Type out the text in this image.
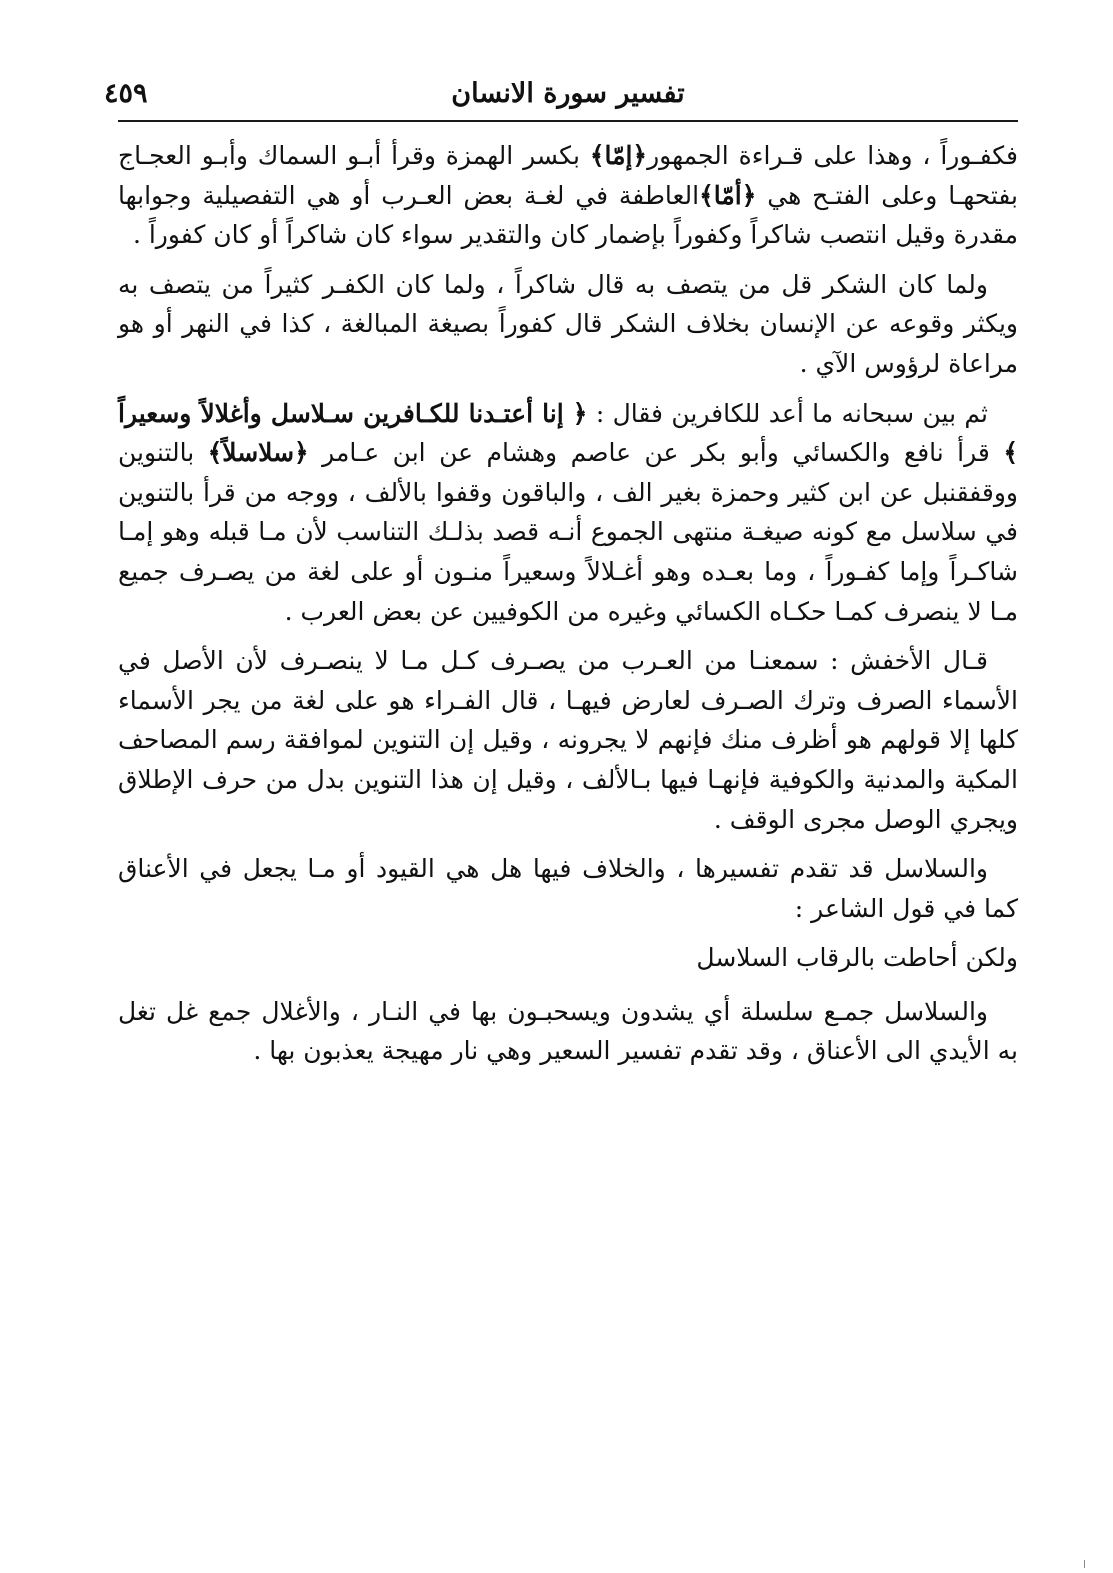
تفسير سورة الانسان
٤٥٩

فكفـوراً ، وهذا على قـراءة الجمهور﴿إمّا﴾ بكسر الهمزة وقرأ أبـو السماك وأبـو العجـاج بفتحهـا وعلى الفتـح هي ﴿أمّا﴾العاطفة في لغـة بعض العـرب أو هي التفصيلية وجوابها مقدرة وقيل انتصب شاكراً وكفوراً بإضمار كان والتقدير سواء كان شاكراً أو كان كفوراً .

ولما كان الشكر قل من يتصف به قال شاكراً ، ولما كان الكفـر كثيراً من يتصف به ويكثر وقوعه عن الإنسان بخلاف الشكر قال كفوراً بصيغة المبالغة ، كذا في النهر أو هو مراعاة لرؤوس الآي .

ثم بين سبحانه ما أعد للكافرين فقال : ﴿ إنا أعتـدنا للكـافرين سـلاسل وأغلالاً وسعيراً ﴾ قرأ نافع والكسائي وأبو بكر عن عاصم وهشام عن ابن عـامر ﴿سلاسلاً﴾ بالتنوين ووقفقنبل عن ابن كثير وحمزة بغير الف ، والباقون وقفوا بالألف ، ووجه من قرأ بالتنوين في سلاسل مع كونه صيغـة منتهى الجموع أنـه قصد بذلـك التناسب لأن مـا قبله وهو إمـا شاكـراً وإما كفـوراً ، وما بعـده وهو أغـلالاً وسعيراً منـون أو على لغة من يصـرف جميع مـا لا ينصرف كمـا حكـاه الكسائي وغيره من الكوفيين عن بعض العرب .

قـال الأخفش : سمعنـا من العـرب من يصـرف كـل مـا لا ينصـرف لأن الأصل في الأسماء الصرف وترك الصـرف لعارض فيهـا ، قال الفـراء هو على لغة من يجر الأسماء كلها إلا قولهم هو أظرف منك فإنهم لا يجرونه ، وقيل إن التنوين لموافقة رسم المصاحف المكية والمدنية والكوفية فإنهـا فيها بـالألف ، وقيل إن هذا التنوين بدل من حرف الإطلاق ويجري الوصل مجرى الوقف .

والسلاسل قد تقدم تفسيرها ، والخلاف فيها هل هي القيود أو مـا يجعل في الأعناق كما في قول الشاعر :

ولكن أحاطت بالرقاب السلاسل

والسلاسل جمـع سلسلة أي يشدون ويسحبـون بها في النـار ، والأغلال جمع غل تغل به الأيدي الى الأعناق ، وقد تقدم تفسير السعير وهي نار مهيجة يعذبون بها .
